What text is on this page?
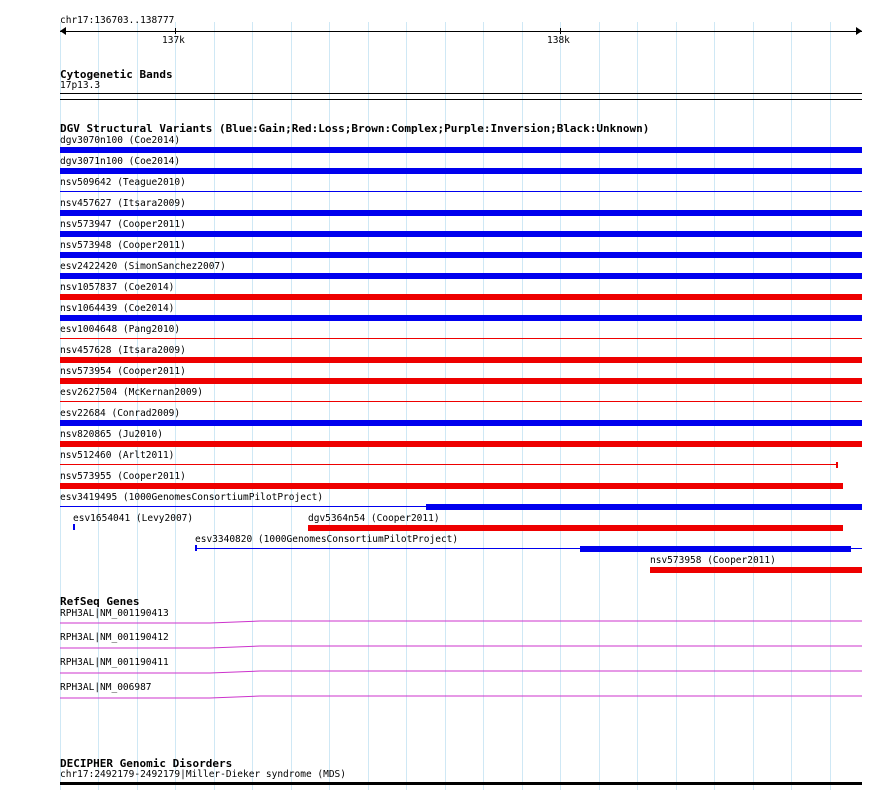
chr17:136703..138777
137k	138k
Cytogenetic Bands
17p13.3
DGV Structural Variants (Blue:Gain;Red:Loss;Brown:Complex;Purple:Inversion;Black:Unknown)
dgv3070n100 (Coe2014)
dgv3071n100 (Coe2014)
nsv509642 (Teague2010)
nsv457627 (Itsara2009)
nsv573947 (Cooper2011)
nsv573948 (Cooper2011)
esv2422420 (SimonSanchez2007)
nsv1057837 (Coe2014)
nsv1064439 (Coe2014)
esv1004648 (Pang2010)
nsv457628 (Itsara2009)
nsv573954 (Cooper2011)
esv2627504 (McKernan2009)
esv22684 (Conrad2009)
nsv820865 (Ju2010)
nsv512460 (Arlt2011)
nsv573955 (Cooper2011)
esv3419495 (1000GenomesConsortiumPilotProject)
esv1654041 (Levy2007)	dgv5364n54 (Cooper2011)
esv3340820 (1000GenomesConsortiumPilotProject)
nsv573958 (Cooper2011)
RefSeq Genes
RPH3AL|NM_001190413
RPH3AL|NM_001190412
RPH3AL|NM_001190411
RPH3AL|NM_006987
DECIPHER Genomic Disorders
chr17:2492179-2492179|Miller-Dieker syndrome (MDS)
